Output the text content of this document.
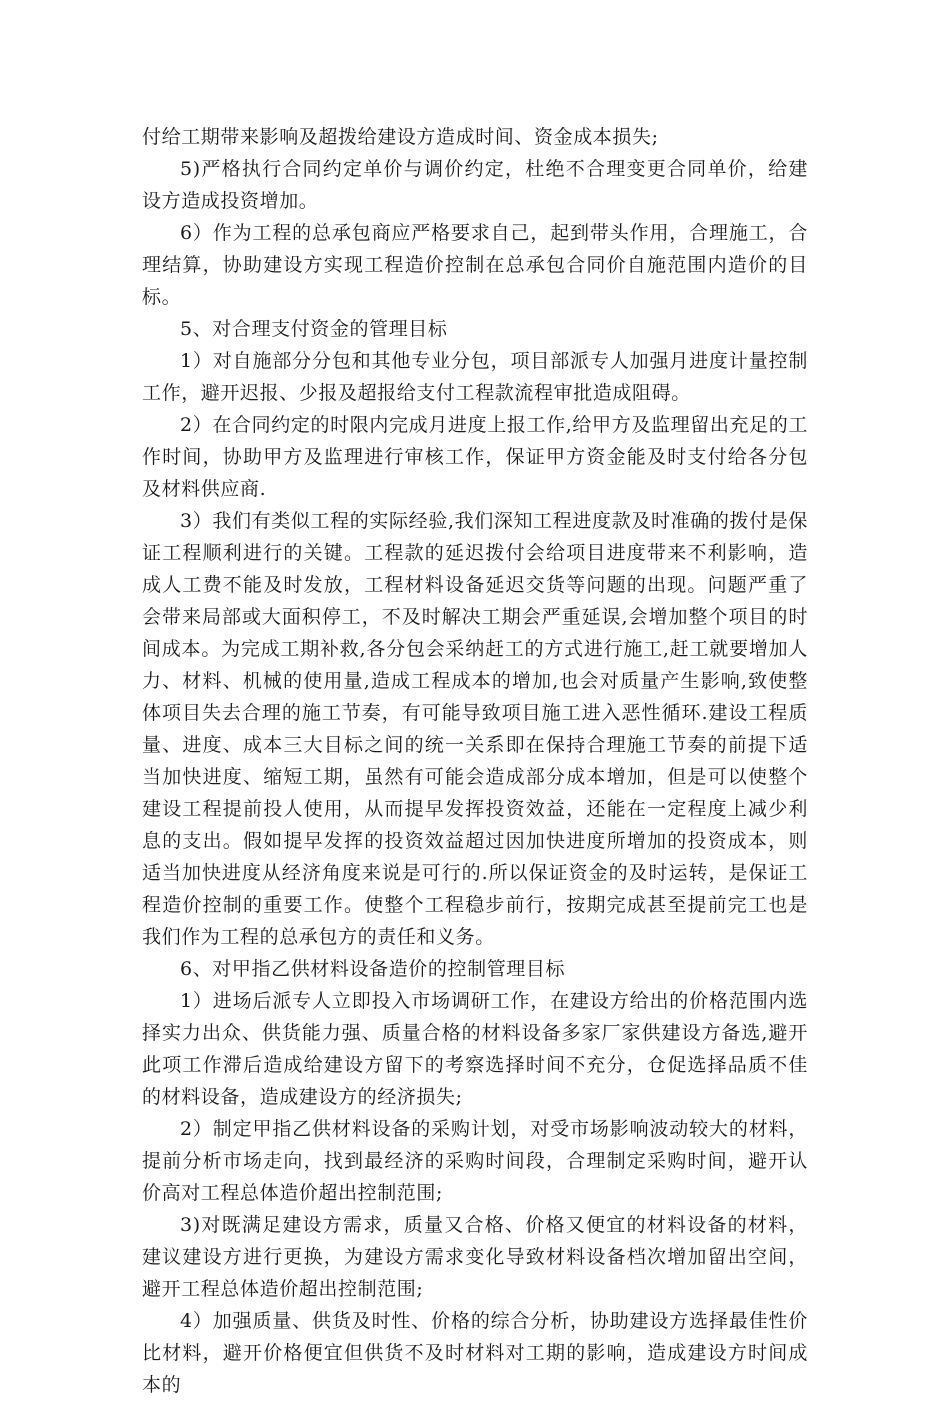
付给工期带来影响及超拨给建设方造成时间、资金成本损失;

5)严格执行合同约定单价与调价约定，杜绝不合理变更合同单价，给建设方造成投资增加。

6）作为工程的总承包商应严格要求自己，起到带头作用，合理施工，合理结算，协助建设方实现工程造价控制在总承包合同价自施范围内造价的目标。

5、对合理支付资金的管理目标

1）对自施部分分包和其他专业分包，项目部派专人加强月进度计量控制工作，避开迟报、少报及超报给支付工程款流程审批造成阻碍。

2）在合同约定的时限内完成月进度上报工作,给甲方及监理留出充足的工作时间，协助甲方及监理进行审核工作，保证甲方资金能及时支付给各分包及材料供应商.

3）我们有类似工程的实际经验,我们深知工程进度款及时准确的拨付是保证工程顺利进行的关键。工程款的延迟拨付会给项目进度带来不利影响，造成人工费不能及时发放，工程材料设备延迟交货等问题的出现。问题严重了会带来局部或大面积停工，不及时解决工期会严重延误,会增加整个项目的时间成本。为完成工期补救,各分包会采纳赶工的方式进行施工,赶工就要增加人力、材料、机械的使用量,造成工程成本的增加,也会对质量产生影响,致使整体项目失去合理的施工节奏，有可能导致项目施工进入恶性循环.建设工程质量、进度、成本三大目标之间的统一关系即在保持合理施工节奏的前提下适当加快进度、缩短工期，虽然有可能会造成部分成本增加，但是可以使整个建设工程提前投人使用，从而提早发挥投资效益，还能在一定程度上减少利息的支出。假如提早发挥的投资效益超过因加快进度所增加的投资成本，则适当加快进度从经济角度来说是可行的.所以保证资金的及时运转，是保证工程造价控制的重要工作。使整个工程稳步前行，按期完成甚至提前完工也是我们作为工程的总承包方的责任和义务。

6、对甲指乙供材料设备造价的控制管理目标

1）进场后派专人立即投入市场调研工作，在建设方给出的价格范围内选择实力出众、供货能力强、质量合格的材料设备多家厂家供建设方备选,避开此项工作滞后造成给建设方留下的考察选择时间不充分，仓促选择品质不佳的材料设备，造成建设方的经济损失;

2）制定甲指乙供材料设备的采购计划，对受市场影响波动较大的材料，提前分析市场走向，找到最经济的采购时间段，合理制定采购时间，避开认价高对工程总体造价超出控制范围;

3)对既满足建设方需求，质量又合格、价格又便宜的材料设备的材料，建议建设方进行更换，为建设方需求变化导致材料设备档次增加留出空间，避开工程总体造价超出控制范围;

4）加强质量、供货及时性、价格的综合分析，协助建设方选择最佳性价比材料，避开价格便宜但供货不及时材料对工期的影响，造成建设方时间成本的
